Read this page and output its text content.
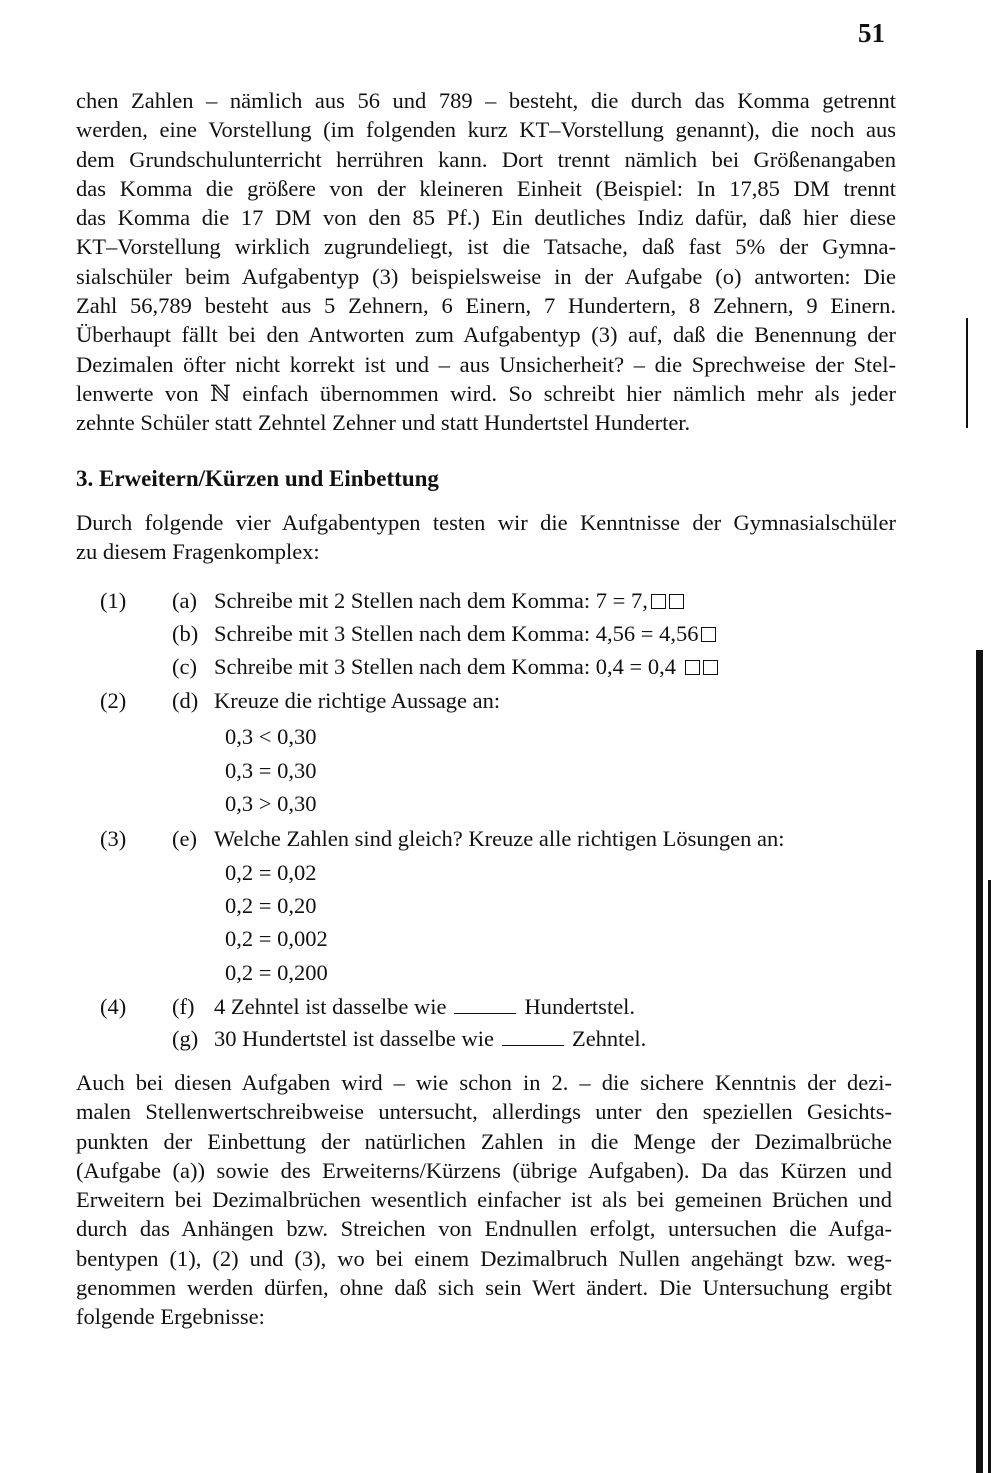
51

chen Zahlen – nämlich aus 56 und 789 – besteht, die durch das Komma getrennt
werden, eine Vorstellung (im folgenden kurz KT–Vorstellung genannt), die noch aus
dem Grundschulunterricht herrühren kann. Dort trennt nämlich bei Größenangaben
das Komma die größere von der kleineren Einheit (Beispiel: In 17,85 DM trennt
das Komma die 17 DM von den 85 Pf.) Ein deutliches Indiz dafür, daß hier diese
KT–Vorstellung wirklich zugrundeliegt, ist die Tatsache, daß fast 5% der Gymna-
sialschüler beim Aufgabentyp (3) beispielsweise in der Aufgabe (o) antworten: Die
Zahl 56,789 besteht aus 5 Zehnern, 6 Einern, 7 Hundertern, 8 Zehnern, 9 Einern.
Überhaupt fällt bei den Antworten zum Aufgabentyp (3) auf, daß die Benennung der
Dezimalen öfter nicht korrekt ist und – aus Unsicherheit? – die Sprechweise der Stel-
lenwerte von ℕ einfach übernommen wird. So schreibt hier nämlich mehr als jeder
zehnte Schüler statt Zehntel Zehner und statt Hundertstel Hunderter.

3. Erweitern/Kürzen und Einbettung

Durch folgende vier Aufgabentypen testen wir die Kenntnisse der Gymnasialschüler
zu diesem Fragenkomplex:

(1) (a) Schreibe mit 2 Stellen nach dem Komma: 7 = 7,
(b) Schreibe mit 3 Stellen nach dem Komma: 4,56 = 4,56
(c) Schreibe mit 3 Stellen nach dem Komma: 0,4 = 0,4
(2) (d) Kreuze die richtige Aussage an:
0,3 < 0,30
0,3 = 0,30
0,3 > 0,30
(3) (e) Welche Zahlen sind gleich? Kreuze alle richtigen Lösungen an:
0,2 = 0,02
0,2 = 0,20
0,2 = 0,002
0,2 = 0,200
(4) (f) 4 Zehntel ist dasselbe wie	Hundertstel.
(g) 30 Hundertstel ist dasselbe wie	Zehntel.

Auch bei diesen Aufgaben wird – wie schon in 2. – die sichere Kenntnis der dezi-
malen Stellenwertschreibweise untersucht, allerdings unter den speziellen Gesichts-
punkten der Einbettung der natürlichen Zahlen in die Menge der Dezimalbrüche
(Aufgabe (a)) sowie des Erweiterns/Kürzens (übrige Aufgaben). Da das Kürzen und
Erweitern bei Dezimalbrüchen wesentlich einfacher ist als bei gemeinen Brüchen und
durch das Anhängen bzw. Streichen von Endnullen erfolgt, untersuchen die Aufga-
bentypen (1), (2) und (3), wo bei einem Dezimalbruch Nullen angehängt bzw. weg-
genommen werden dürfen, ohne daß sich sein Wert ändert. Die Untersuchung ergibt
folgende Ergebnisse:
